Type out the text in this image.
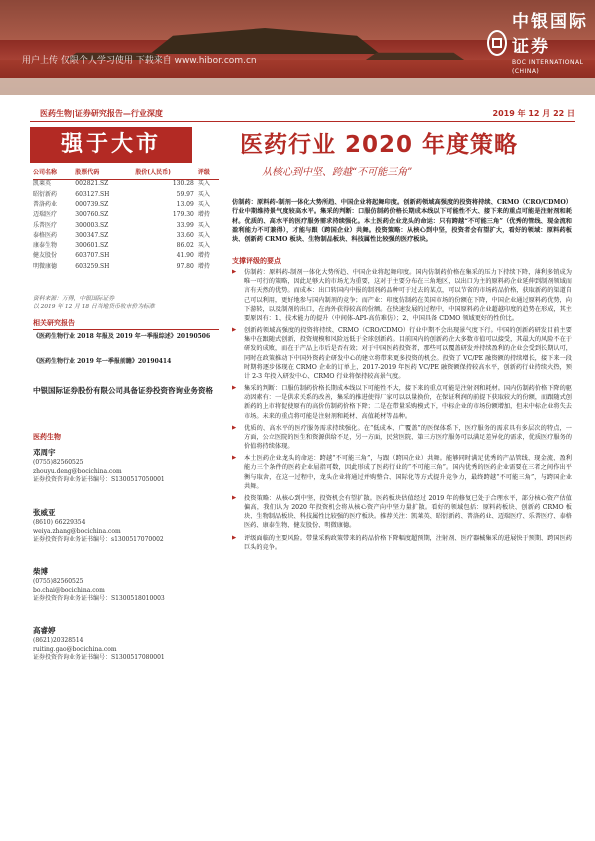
用户上传 仅限个人学习使用 下载来自 www.hibor.com.cn
中银国际证券
BOC INTERNATIONAL (CHINA)
医药生物|证券研究报告—行业深度	2019 年 12 月 22 日
强于大市	医药行业 2020 年度策略
从核心到中坚、跨越“不可能三角”
公司名称	股票代码	股价(人民币)	评级
凯莱英	002821.SZ	130.28	买入
昭衍新药	603127.SH	59.97	买入
普洛药业	000739.SZ	13.09	买入
迈瑞医疗	300760.SZ	179.30	增持
乐普医疗	300003.SZ	33.99	买入
泰格医药	300347.SZ	33.60	买入
康泰生物	300601.SZ	86.02	买入
健友股份	603707.SH	41.90	增持
明微康德	603259.SH	97.80	增持
资料来源：万得，中银国际证券
以 2019 年 12 月 18 日当地货币收市价为标准
相关研究报告
《医药生物行业 2018 年报及 2019 年一季报综述》20190506
《医药生物行业 2019 年一季报前瞻》20190414
中银国际证券股份有限公司具备证券投资咨询业务资格
医药生物
邓周宇
(0755)82560525
zhouyu.deng@bocichina.com
证券投资咨询业务证书编号：S1300517050001
张威亚
(8610) 66229354
weiya.zhang@bocichina.com
证券投资咨询业务证书编号：s1300517070002
柴博
(0755)82560525
bo.chai@bocichina.com
证券投资咨询业务证书编号：S1300518010003
高睿婷
(8621)20328514
ruiting.gao@bocichina.com
证券投资咨询业务证书编号：S1300517080001
仿制药：原料药-制剂一体化大势所趋、中国企业将起舞印度。创新药领域高强度的投资将持续、CRMO（CRO/CDMO）行业中期维持景气度较高水平。集采的判断：口服仿制药价格长期成本线以下可能性不大、接下来的重点可能是注射剂和耗材。优质的、高水平的医疗服务需求持续强化。本土医药企业龙头的命运：只有跨越“不可能三角”（优秀的管线、现金流和盈利能力不可兼得），才能与跟（跨国企业）共舞。投资策略：从核心到中坚，投资者会有望扩大，看好的领域：原料药板块、创新药 CRMO 板块、生物制品板块、科技属性比较强的医疗板块。
支撑评级的要点
▶ 仿制药：原料药-制剂一体化大势所趋、中国企业将起舞印度。国内仿制药价格在集采的压力下持续下降，薄利多销成为唯一可行的策略，因此足够大的市场尤为重要，这对于主要分布在三角地区，以出口为主的原料药企业延伸到制剂领域而言有天然的优势。而成本：出口转国内中报的制剂药品种可于过去的某点，可以节省的市场药品价格，获取新药的渠道自己可以利用，更好地参与国内制剂的竞争；而产业：印度仿制药在美国市场的份额在下降，中国企业通过原料药优势，向下游转，以及制剂的出口，在海外获得较高的份额。在快速发展的过程中，中国原料药企业超越印度的趋势在形成，其主要原因有：1、技术能力的提升（中间体-API-高仿难仿）；2、中国具备 CDMO 领域更好的性价比。
▶ 创新药领域高强度的投资将持续、CRMO（CRO/CDMO）行业中期不会出现景气度下行。中国的创新药研发目前主要集中在跟随式创新，投资规模和风险远低于全球创新药。目前国内的创新药企大多数市值可以接受，其最大的风险不在于研发的成败，而在于产品上市后是否有效；对于中国医药投资者，那些可以覆盖研发并持续盈利的企业会受到长期认可，同时在政策推动下中国外资药企研发中心的建立将带来更多投资的机会。投资了 VC/PE 融资额的持续增长，接下来一段时期将逐步体现在 CRMO 企业的订单上，2017-2019 年医药 VC/PE 融资额保持较高水平，创新药行业持续火热，预计 2-3 年投入研发中心、CRMO 行业将保持较高景气度。
▶ 集采的判断：口服仿制药价格长期成本线以下可能性不大，接下来的重点可能是注射剂和耗材。国内仿制药价格下降的驱动因素有：一是供求关系的改善，集采的推进使得厂家可以以量换价，在保证利润的前提下获取较大的份额，而跟随式创新药的上市将促使原有的高价仿制药价格下降；二是在带量采购模式下，中标企业的市场份额增加，但未中标企业将失去市场。未来的重点将可能是注射剂和耗材、高值耗材等品种。
▶ 优质的、高水平的医疗服务需求持续强化。在“低成本、广覆盖”的医保体系下，医疗服务的需求具有多层次的特点，一方面，公立医院的医生和资源供给不足，另一方面，民营医院、第三方医疗服务可以满足差异化的需求，优质医疗服务的价值将持续体现。
▶ 本土医药企业龙头的命运：跨越“不可能三角”，与跟（跨国企业）共舞。能够同时满足优秀的产品管线、现金流、盈利能力三个条件的医药企业屈指可数，因此形成了医药行业的“不可能三角”。国内优秀的医药企业需要在三者之间作出平衡与取舍，在这一过程中，龙头企业将通过并购整合、国际化等方式提升竞争力，最终跨越“不可能三角”，与跨国企业共舞。
▶ 投资策略：从核心到中坚，投资机会有望扩散。医药板块估值经过 2019 年的修复已处于合理水平，部分核心资产估值偏高，我们认为 2020 年投资机会将从核心资产向中坚力量扩散。看好的领域包括：原料药板块、创新药 CRMO 板块、生物制品板块、科技属性比较强的医疗板块。推荐关注：凯莱英、昭衍新药、普洛药业、迈瑞医疗、乐普医疗、泰格医药、康泰生物、健友股份、明微康德。
▶ 评级面临的主要风险。带量采购政策带来的药品价格下降幅度超预期，注射剂、医疗器械集采的进展快于预期、跨国医药巨头的竞争。
